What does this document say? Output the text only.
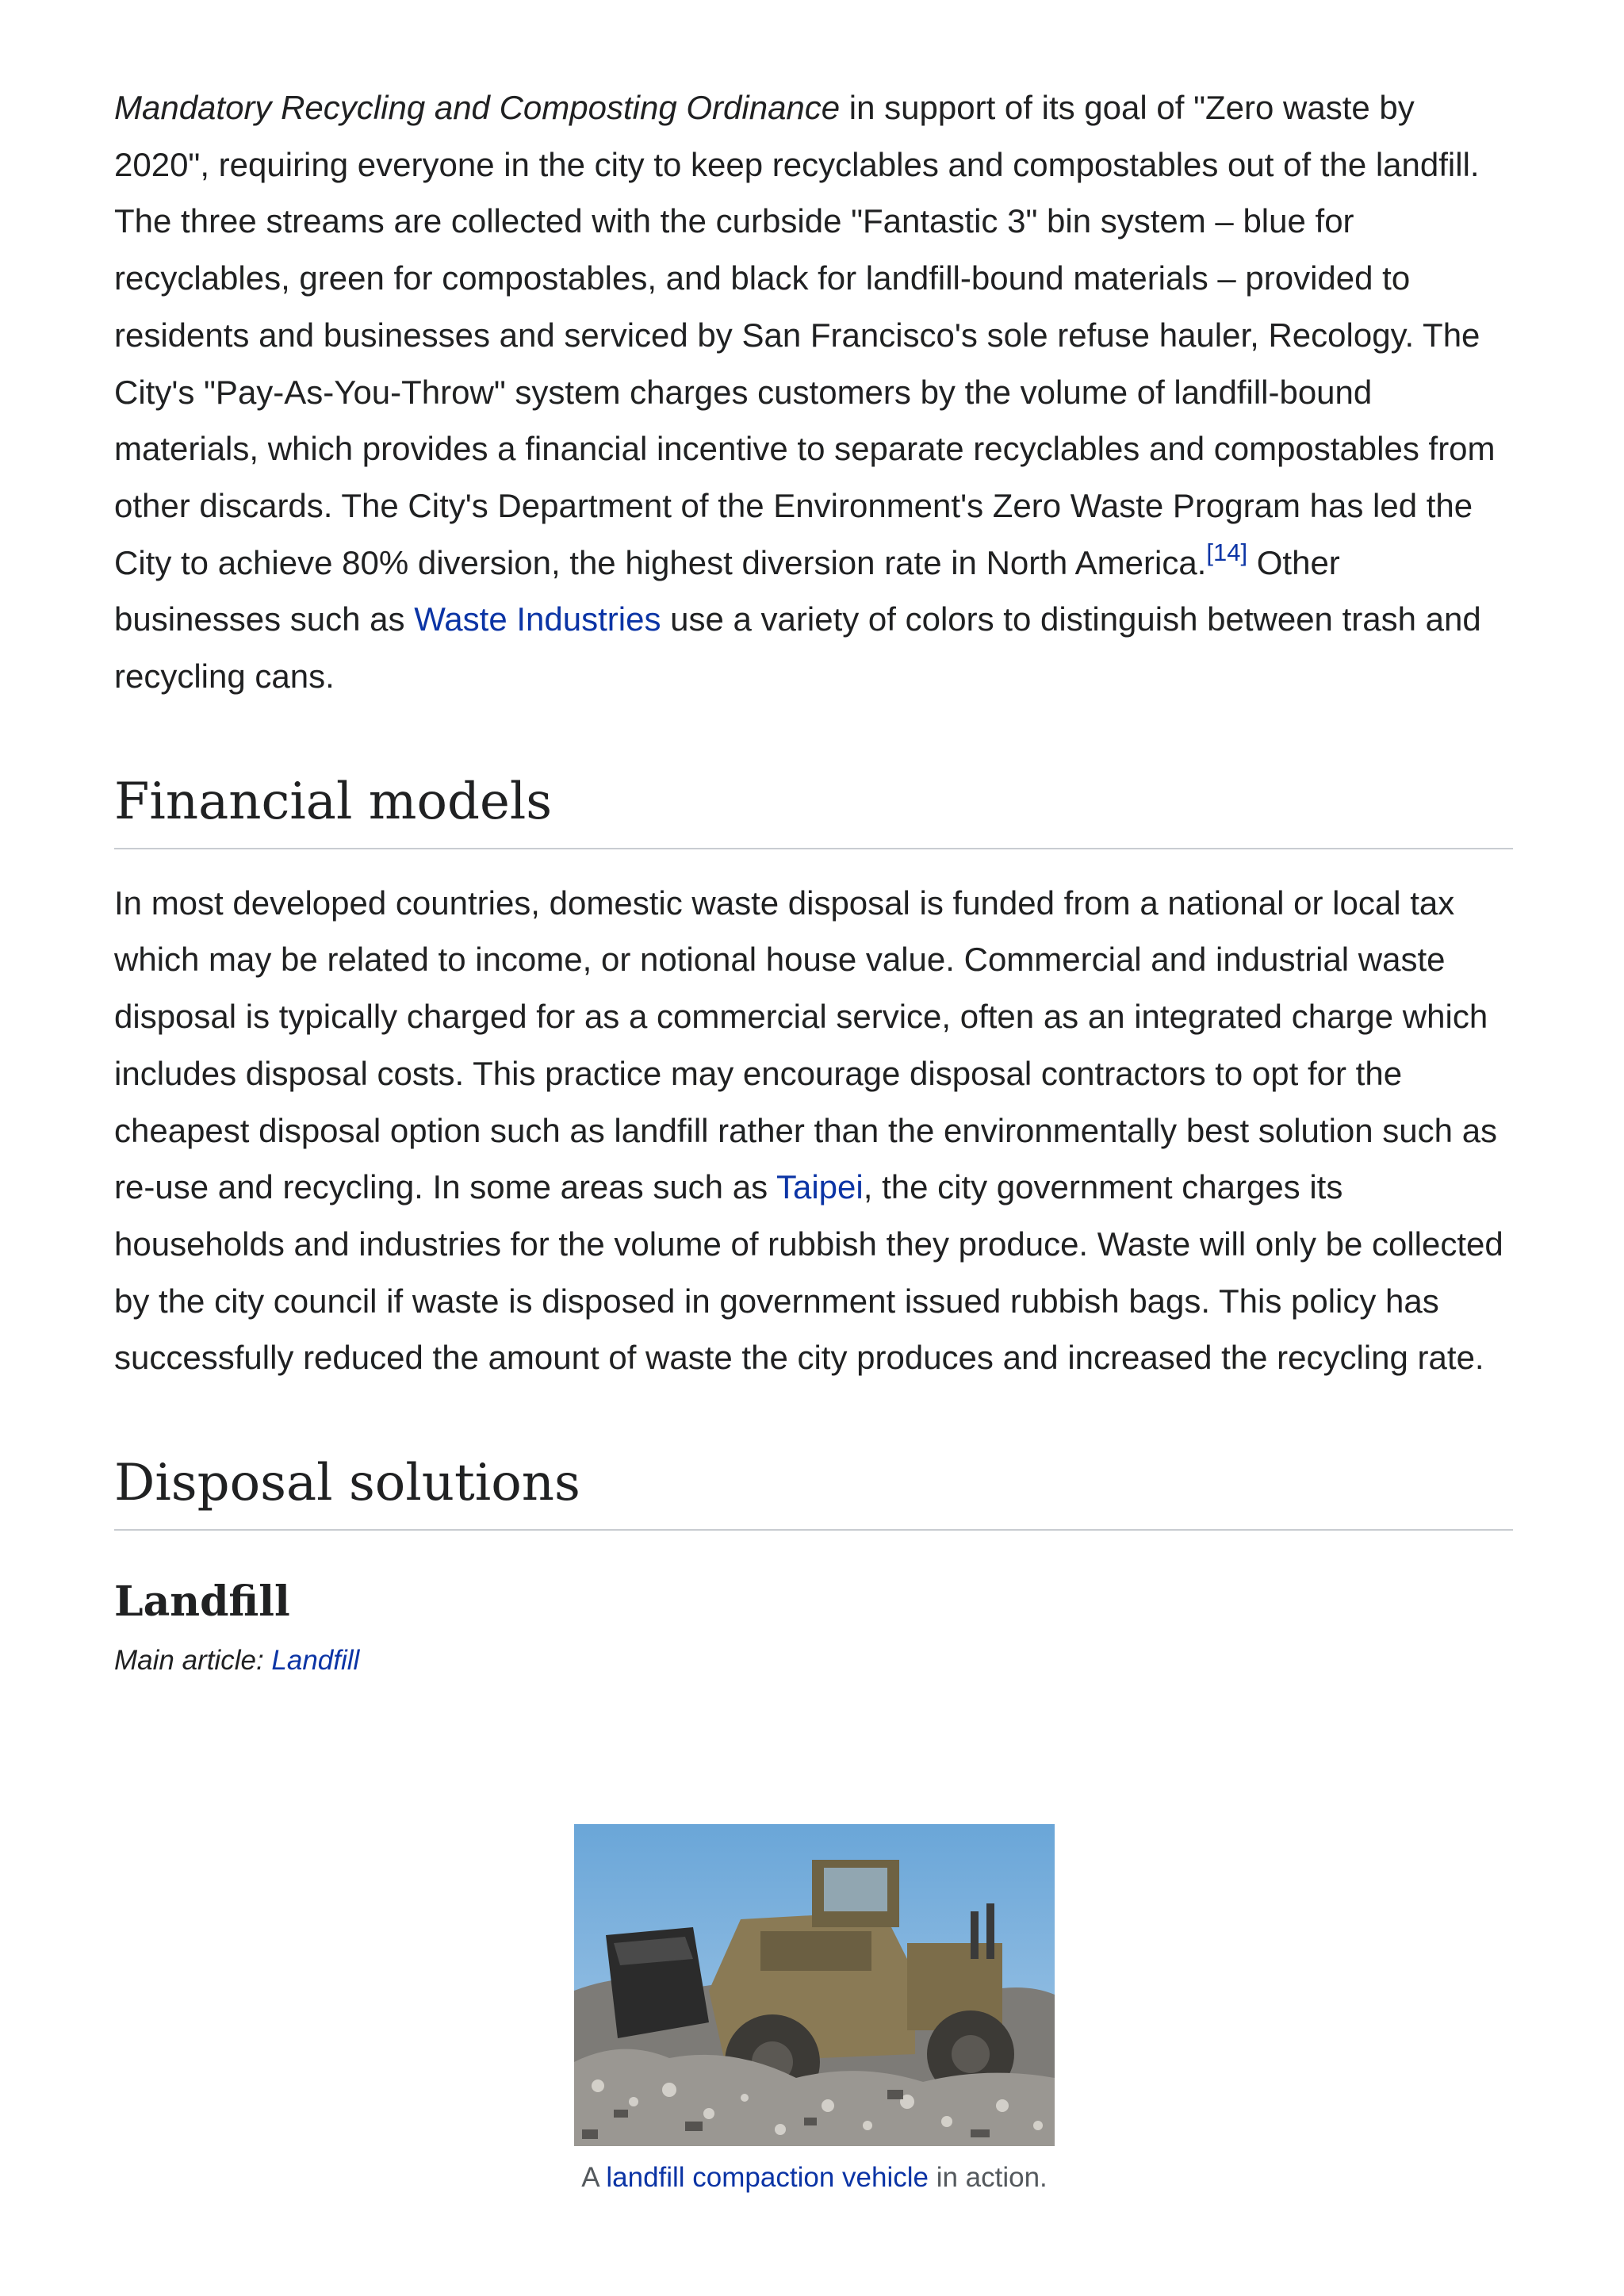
Mandatory Recycling and Composting Ordinance in support of its goal of "Zero waste by 2020", requiring everyone in the city to keep recyclables and compostables out of the landfill. The three streams are collected with the curbside "Fantastic 3" bin system – blue for recyclables, green for compostables, and black for landfill-bound materials – provided to residents and businesses and serviced by San Francisco's sole refuse hauler, Recology. The City's "Pay-As-You-Throw" system charges customers by the volume of landfill-bound materials, which provides a financial incentive to separate recyclables and compostables from other discards. The City's Department of the Environment's Zero Waste Program has led the City to achieve 80% diversion, the highest diversion rate in North America.[14] Other businesses such as Waste Industries use a variety of colors to distinguish between trash and recycling cans.

Financial models

In most developed countries, domestic waste disposal is funded from a national or local tax which may be related to income, or notional house value. Commercial and industrial waste disposal is typically charged for as a commercial service, often as an integrated charge which includes disposal costs. This practice may encourage disposal contractors to opt for the cheapest disposal option such as landfill rather than the environmentally best solution such as re-use and recycling. In some areas such as Taipei, the city government charges its households and industries for the volume of rubbish they produce. Waste will only be collected by the city council if waste is disposed in government issued rubbish bags. This policy has successfully reduced the amount of waste the city produces and increased the recycling rate.

Disposal solutions
Landfill

Main article: Landfill

A landfill compaction vehicle in action.
